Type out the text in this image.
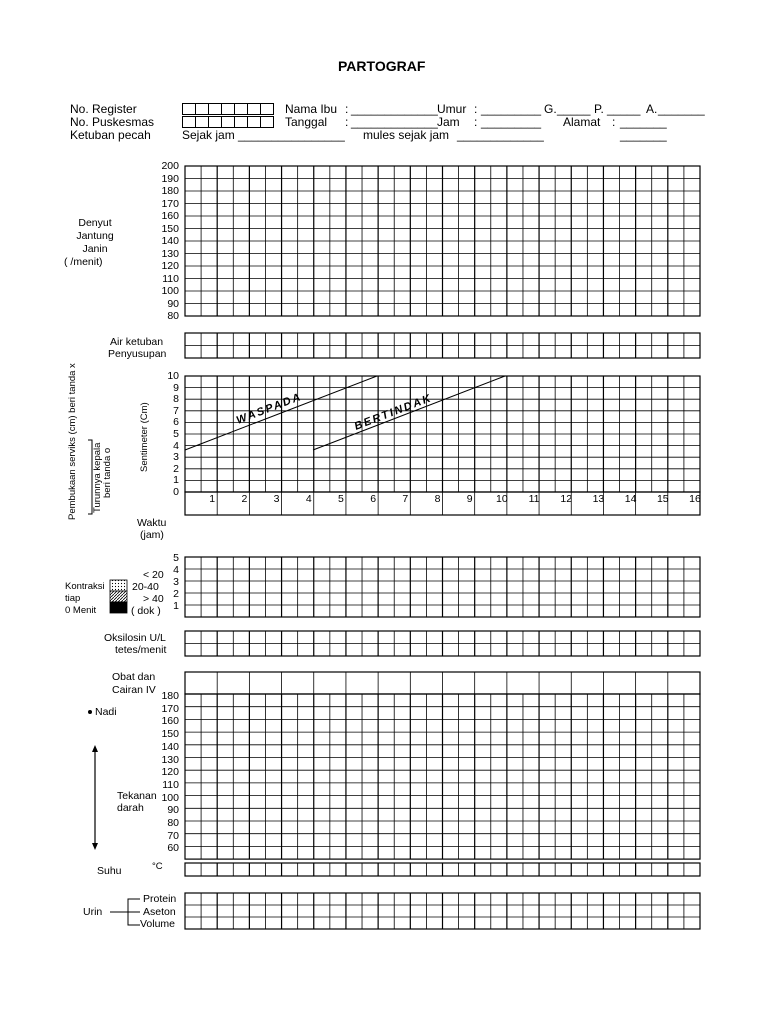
PARTOGRAF
No. Register
No. Puskesmas
Ketuban pecah	Sejak jam ________________
Nama Ibu : _____________
Tanggal : _____________
mules sejak jam _____________
Umur : _________
Jam : _________
G. _____ P. _____ A. _______
Alamat : _______
_______
WASPADA	BERTINDAK
Denyut
Jantung
Janin
( /menit)
200
190
180
170
160
150
140
130
120
110
100
90
80
Air ketuban
Penyusupan
Pembukaan serviks (cm) beri tanda x Turunnya kepala beri tanda o
Sentimeter (Cm)
10
9
8
7
6
5
4
3
2
1
0
1	2	3	4	5	6	7	8	9	10 11 12 13 14 15 16
Waktu
(jam)
Kontraksi
tiap
0 Menit
< 20
20-40
> 40
( dok )
5
4
3
2
1
Oksilosin U/L
tetes/menit
Obat dan
Cairan IV
Nadi
Tekanan
darah
180
170
160
150
140
130
120
110
100
90
80
70
60
Suhu	°C
Urin
Protein
Aseton
Volume
